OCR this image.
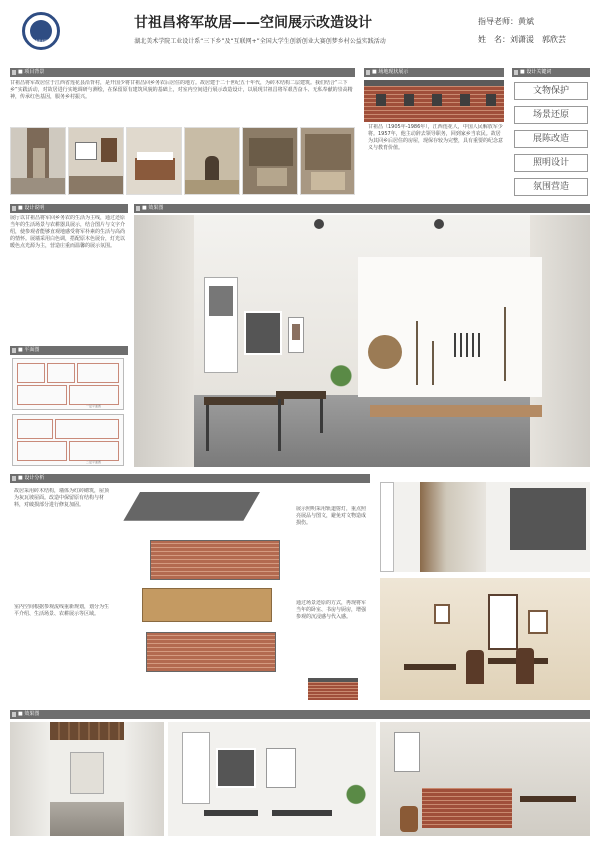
湖北美术学院
甘祖昌将军故居——空间展示改造设计
湖北美术学院工业设计系“三下乡”及“互联网+”全国大学生创新创业大赛创梦乡村公益实践活动
指导老师：黄斌
姓　名：刘潇湲　郭欣芸
■ 项目背景
甘祖昌将军故居位于江西省莲花县沿背村，是开国少将甘祖昌回乡务农后居住的地方。故居建于二十世纪五十年代，为砖木结构二层建筑。我们结合“三下乡”实践活动，对故居进行实地调研与测绘，在保留原有建筑风貌的基础上，对室内空间进行展示改造设计，以展现甘祖昌将军艰苦奋斗、无私奉献的崇高精神，传承红色基因，服务乡村振兴。
■ 场地现状展示
甘祖昌（1905年-1986年），江西莲花人，中国人民解放军少将。1957年，他主动辞去领导职务，回到家乡当农民。故居为其回乡后居住的房屋，现保存较为完整，具有重要的纪念意义与教育价值。
■ 设计关键词
文物保护
场景还原
展陈改造
照明设计
氛围营造
■ 设计说明
展厅以甘祖昌将军回乡务农的生活为主线，通过还原当年的生活场景与农耕器具展示，结合图片与文字介绍，使参观者能够直观地感受将军朴素的生活与高尚的情怀。展墙采用白色调，搭配原木色展台，灯光以暖色点光源为主，营造庄重而温馨的展示氛围。
■ 平面图
一层平面图
二层平面图
■ 效果图
■ 设计分析
故居采用砖木结构，墙体为红砖砌筑，屋顶为灰瓦坡屋面。改造中保留原有结构与材料，对破损部分进行修复加固。
室内空间根据参观流线重新规划，划分为生平介绍、生活场景、农耕展示等区域。
展示照明采用轨道射灯，重点照亮展品与图文，避免对文物造成损伤。
通过场景还原的方式，再现将军当年的卧室、书房与厨房，增强参观的沉浸感与代入感。
■ 效果图
